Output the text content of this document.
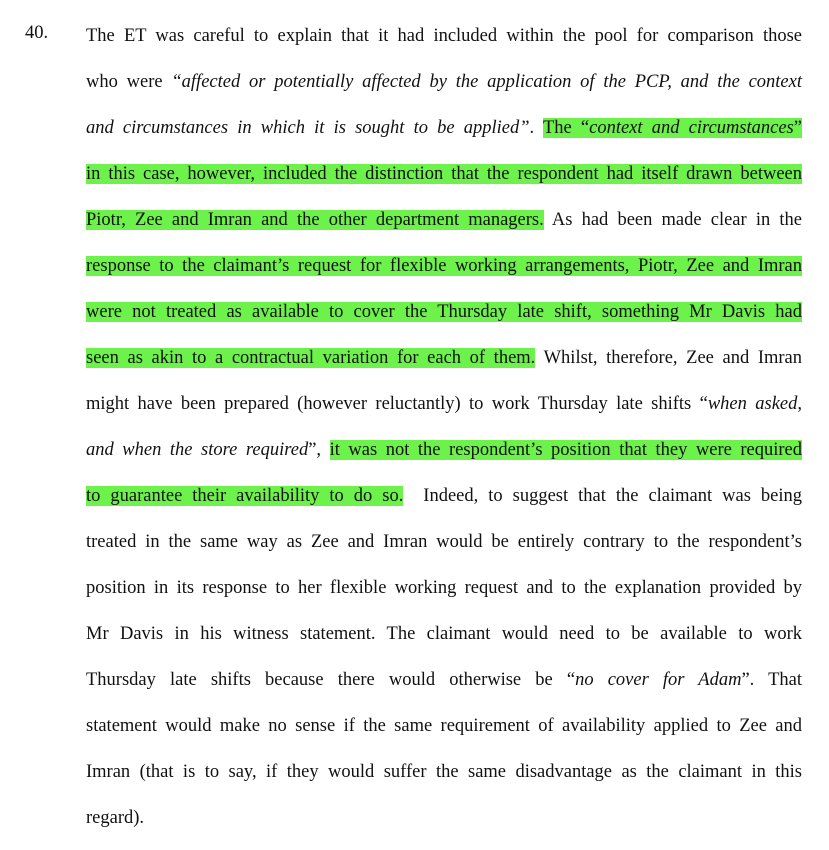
40. The ET was careful to explain that it had included within the pool for comparison those
who were “affected or potentially affected by the application of the PCP, and the context
and circumstances in which it is sought to be applied”. The “context and circumstances”
in this case, however, included the distinction that the respondent had itself drawn between
Piotr, Zee and Imran and the other department managers. As had been made clear in the
response to the claimant’s request for flexible working arrangements, Piotr, Zee and Imran
were not treated as available to cover the Thursday late shift, something Mr Davis had
seen as akin to a contractual variation for each of them. Whilst, therefore, Zee and Imran
might have been prepared (however reluctantly) to work Thursday late shifts “when asked,
and when the store required”, it was not the respondent’s position that they were required
to guarantee their availability to do so.  Indeed, to suggest that the claimant was being
treated in the same way as Zee and Imran would be entirely contrary to the respondent’s
position in its response to her flexible working request and to the explanation provided by
Mr Davis in his witness statement. The claimant would need to be available to work
Thursday late shifts because there would otherwise be “no cover for Adam”. That
statement would make no sense if the same requirement of availability applied to Zee and
Imran (that is to say, if they would suffer the same disadvantage as the claimant in this
regard).
